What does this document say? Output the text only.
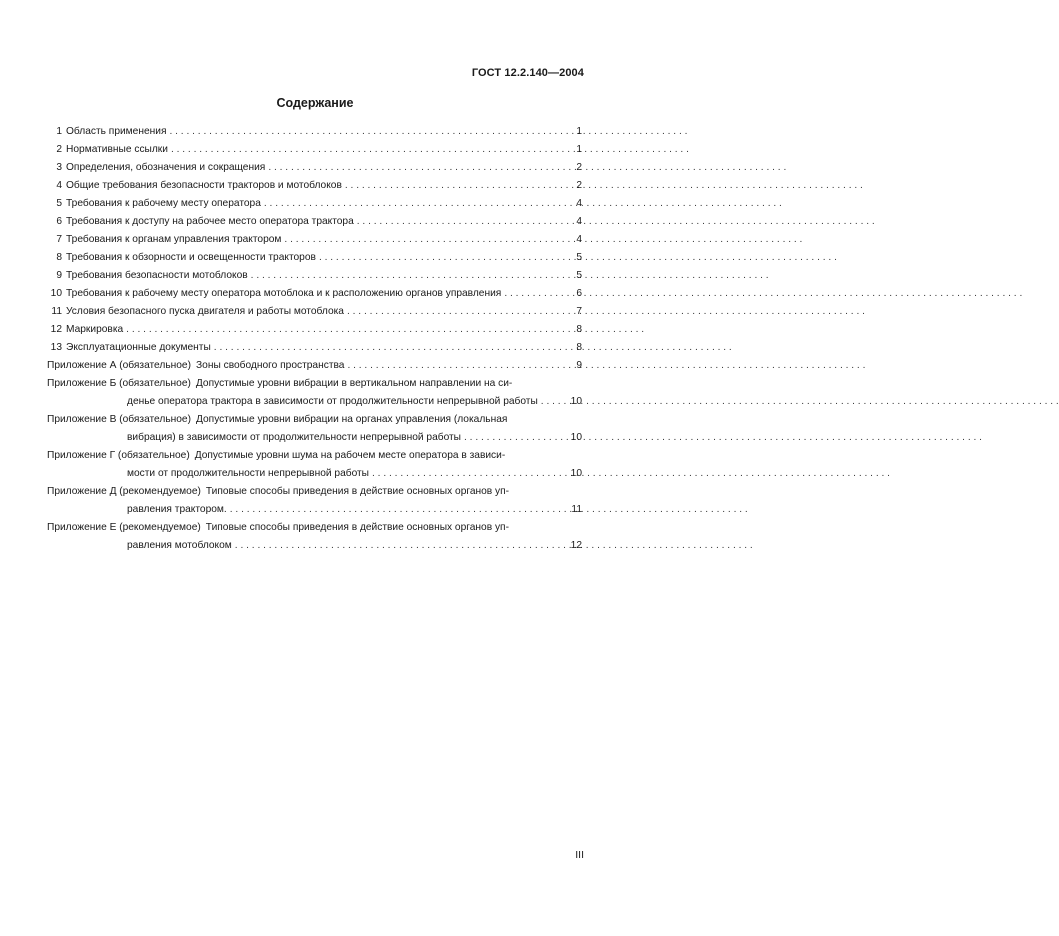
ГОСТ 12.2.140—2004
Содержание
1 Область применения . . .	1
2 Нормативные ссылки . . .	1
3 Определения, обозначения и сокращения . . .	2
4 Общие требования безопасности тракторов и мотоблоков . . .	2
5 Требования к рабочему месту оператора . . .	4
6 Требования к доступу на рабочее место оператора трактора . . .	4
7 Требования к органам управления трактором . . .	4
8 Требования к обзорности и освещенности тракторов . . .	5
9 Требования безопасности мотоблоков . . .	5
10 Требования к рабочему месту оператора мотоблока и к расположению органов управления . . .	6
11 Условия безопасного пуска двигателя и работы мотоблока . . .	7
12 Маркировка . . .	8
13 Эксплуатационные документы . . .	8
Приложение А (обязательное) Зоны свободного пространства . . .	9
Приложение Б (обязательное) Допустимые уровни вибрации в вертикальном направлении на си-
денье оператора трактора в зависимости от продолжительности непрерывной работы . . .	10
Приложение В (обязательное) Допустимые уровни вибрации на органах управления (локальная
вибрация) в зависимости от продолжительности непрерывной работы . . .	10
Приложение Г (обязательное) Допустимые уровни шума на рабочем месте оператора в зависи-
мости от продолжительности непрерывной работы . . .	10
Приложение Д (рекомендуемое) Типовые способы приведения в действие основных органов уп-
равления трактором. . . .	11
Приложение Е (рекомендуемое) Типовые способы приведения в действие основных органов уп-
равления мотоблоком . . .	12
III
